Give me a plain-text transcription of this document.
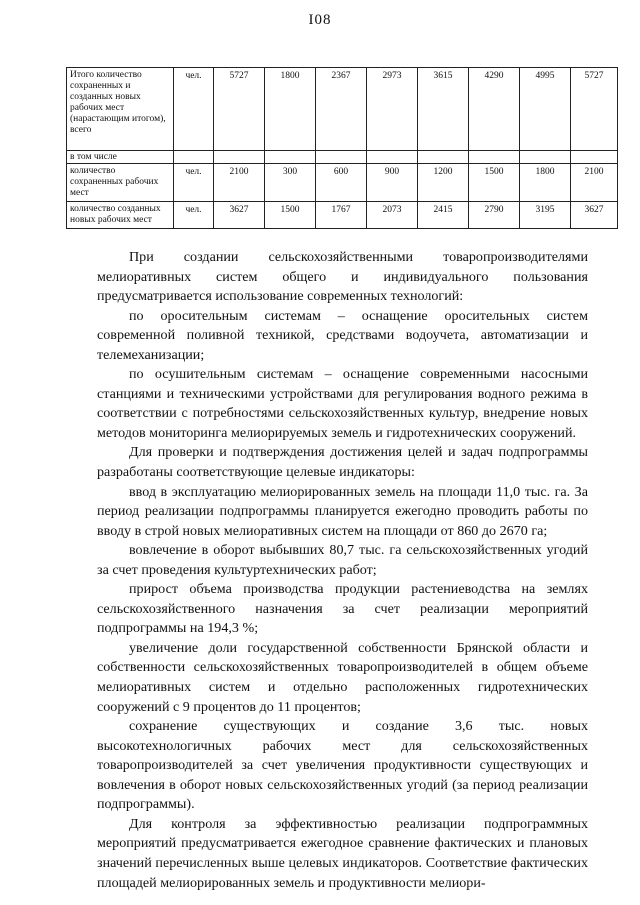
I08
Итого количество сохраненных и созданных новых рабочих мест (нарастающим итогом), всего	чел.	5727	1800	2367	2973	3615	4290	4995	5727
в том числе									
количество сохраненных рабочих мест	чел.	2100	300	600	900	1200	1500	1800	2100
количество созданных новых рабочих мест	чел.	3627	1500	1767	2073	2415	2790	3195	3627

При создании сельскохозяйственными товаропроизводителями мелиоративных систем общего и индивидуального пользования предусматривается использование современных технологий:

по оросительным системам – оснащение оросительных систем современной поливной техникой, средствами водоучета, автоматизации и телемеханизации;

по осушительным системам – оснащение современными насосными станциями и техническими устройствами для регулирования водного режима в соответствии с потребностями сельскохозяйственных культур, внедрение новых методов мониторинга мелиорируемых земель и гидротехнических сооружений.

Для проверки и подтверждения достижения целей и задач подпрограммы разработаны соответствующие целевые индикаторы:

ввод в эксплуатацию мелиорированных земель на площади 11,0 тыс. га. За период реализации подпрограммы планируется ежегодно проводить работы по вводу в строй новых мелиоративных систем на площади от 860 до 2670 га;

вовлечение в оборот выбывших 80,7 тыс. га сельскохозяйственных угодий за счет проведения культуртехнических работ;

прирост объема производства продукции растениеводства на землях сельскохозяйственного назначения за счет реализации мероприятий подпрограммы на 194,3 %;

увеличение доли государственной собственности Брянской области и собственности сельскохозяйственных товаропроизводителей в общем объеме мелиоративных систем и отдельно расположенных гидротехнических сооружений с 9 процентов до 11 процентов;

сохранение существующих и создание 3,6 тыс. новых высокотехнологичных рабочих мест для сельскохозяйственных товаропроизводителей за счет увеличения продуктивности существующих и вовлечения в оборот новых сельскохозяйственных угодий (за период реализации подпрограммы).

Для контроля за эффективностью реализации подпрограммных мероприятий предусматривается ежегодное сравнение фактических и плановых значений перечисленных выше целевых индикаторов. Соответствие фактических площадей мелиорированных земель и продуктивности мелиори-
